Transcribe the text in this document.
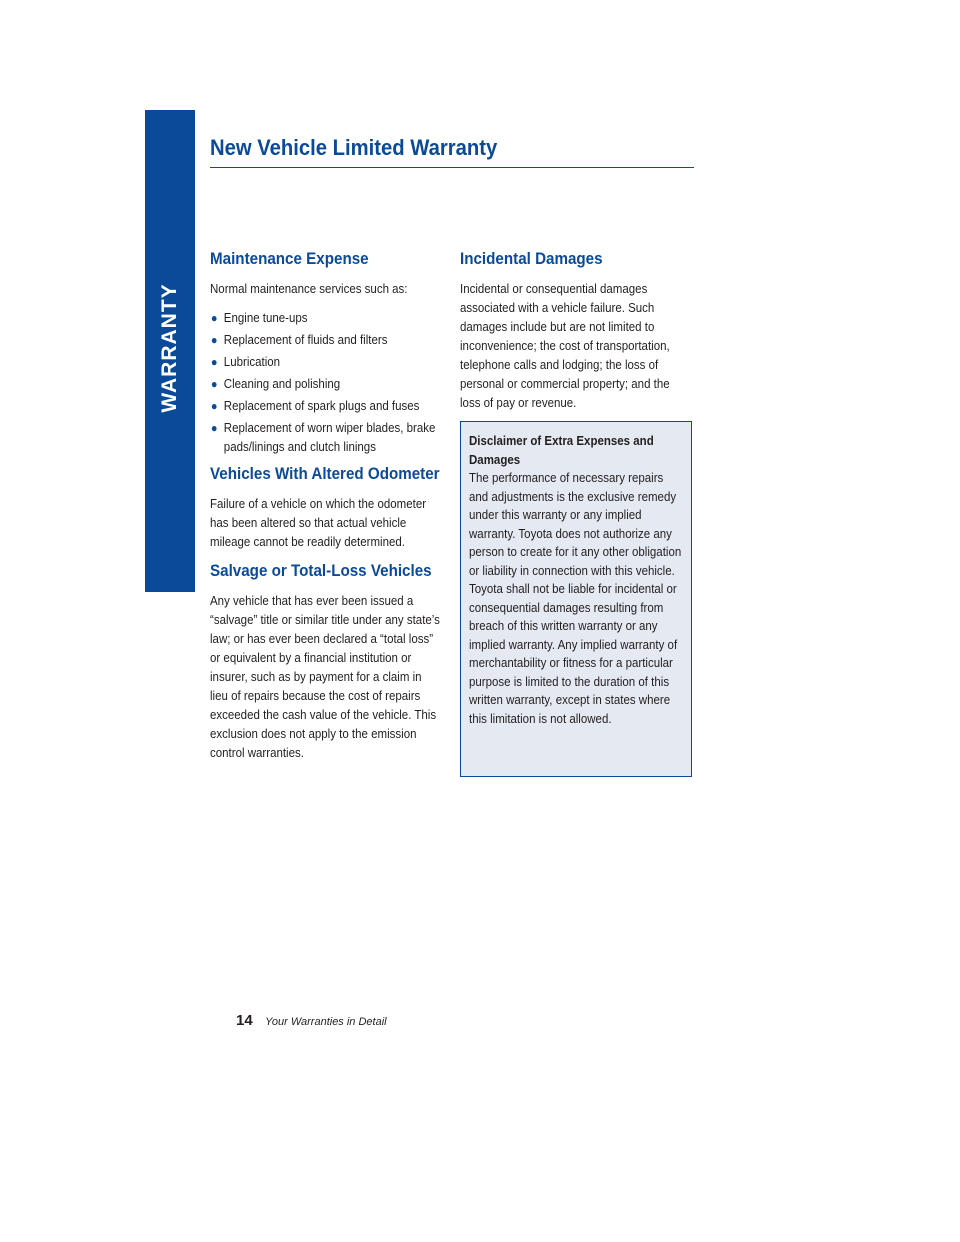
WARRANTY
New Vehicle Limited Warranty
Maintenance Expense

Normal maintenance services such as:

● Engine tune-ups
● Replacement of fluids and filters
● Lubrication
● Cleaning and polishing
● Replacement of spark plugs and fuses
● Replacement of worn wiper blades, brake pads/linings and clutch linings
Vehicles With Altered Odometer

Failure of a vehicle on which the odometer has been altered so that actual vehicle mileage cannot be readily determined.

Salvage or Total-Loss Vehicles

Any vehicle that has ever been issued a “salvage” title or similar title under any state’s law; or has ever been declared a “total loss” or equivalent by a financial institution or insurer, such as by payment for a claim in lieu of repairs because the cost of repairs exceeded the cash value of the vehicle. This exclusion does not apply to the emission control warranties.

Incidental Damages

Incidental or consequential damages associated with a vehicle failure. Such damages include but are not limited to inconvenience; the cost of transportation, telephone calls and lodging; the loss of personal or commercial property; and the loss of pay or revenue.

Disclaimer of Extra Expenses and Damages

The performance of necessary repairs and adjustments is the exclusive remedy under this warranty or any implied warranty. Toyota does not authorize any person to create for it any other obligation or liability in connection with this vehicle. Toyota shall not be liable for incidental or consequential damages resulting from breach of this written warranty or any implied warranty. Any implied warranty of merchantability or fitness for a particular purpose is limited to the duration of this written warranty, except in states where this limitation is not allowed.

14 Your Warranties in Detail
